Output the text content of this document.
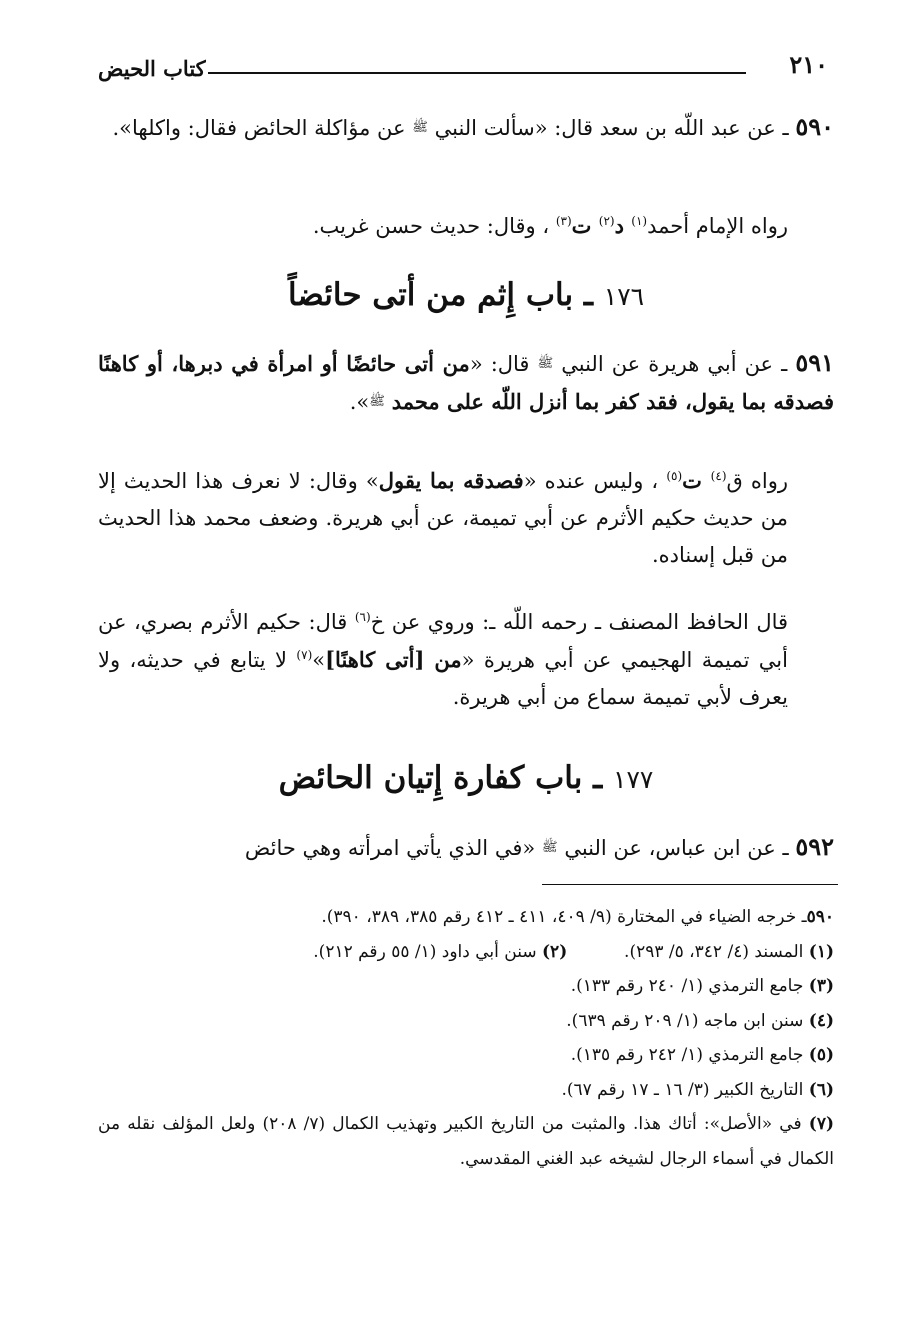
٢١٠
كتاب الحيض
٥٩٠ ـ عن عبد اللّه بن سعد قال: «سألت النبي ﷺ عن مؤاكلة الحائض فقال: واكلها».
رواه الإمام أحمد$^{(١)}$ د$^{(٢)}$ ت$^{(٣)}$ ، وقال: حديث حسن غريب.
١٧٦ ـ باب إِثم من أتى حائضاً
٥٩١ ـ عن أبي هريرة عن النبي ﷺ قال: «من أتى حائضًا أو امرأة في دبرها، أو كاهنًا فصدقه بما يقول، فقد كفر بما أنزل اللّه على محمد ﷺ».
رواه ق$^{(٤)}$ ت$^{(٥)}$ ، وليس عنده «فصدقه بما يقول» وقال: لا نعرف هذا الحديث إلا من حديث حكيم الأثرم عن أبي تميمة، عن أبي هريرة. وضعف محمد هذا الحديث من قبل إسناده.
قال الحافظ المصنف ـ رحمه اللّه ـ: وروي عن خ$^{(٦)}$ قال: حكيم الأثرم بصري، عن أبي تميمة الهجيمي عن أبي هريرة «من [أتى كاهنًا]»$^{(٧)}$ لا يتابع في حديثه، ولا يعرف لأبي تميمة سماع من أبي هريرة.
١٧٧ ـ باب كفارة إِتيان الحائض
٥٩٢ ـ عن ابن عباس، عن النبي ﷺ «في الذي يأتي امرأته وهي حائض
٥٩٠ـ خرجه الضياء في المختارة (٩/ ٤٠٩، ٤١١ ـ ٤١٢ رقم ٣٨٥، ٣٨٩، ٣٩٠).
(١) المسند (٤/ ٣٤٢، ٥/ ٢٩٣).  (٢) سنن أبي داود (١/ ٥٥ رقم ٢١٢).
(٣) جامع الترمذي (١/ ٢٤٠ رقم ١٣٣).
(٤) سنن ابن ماجه (١/ ٢٠٩ رقم ٦٣٩).
(٥) جامع الترمذي (١/ ٢٤٢ رقم ١٣٥).
(٦) التاريخ الكبير (٣/ ١٦ ـ ١٧ رقم ٦٧).
(٧) في «الأصل»: أتاك هذا. والمثبت من التاريخ الكبير وتهذيب الكمال (٧/ ٢٠٨) ولعل المؤلف نقله من الكمال في أسماء الرجال لشيخه عبد الغني المقدسي.
